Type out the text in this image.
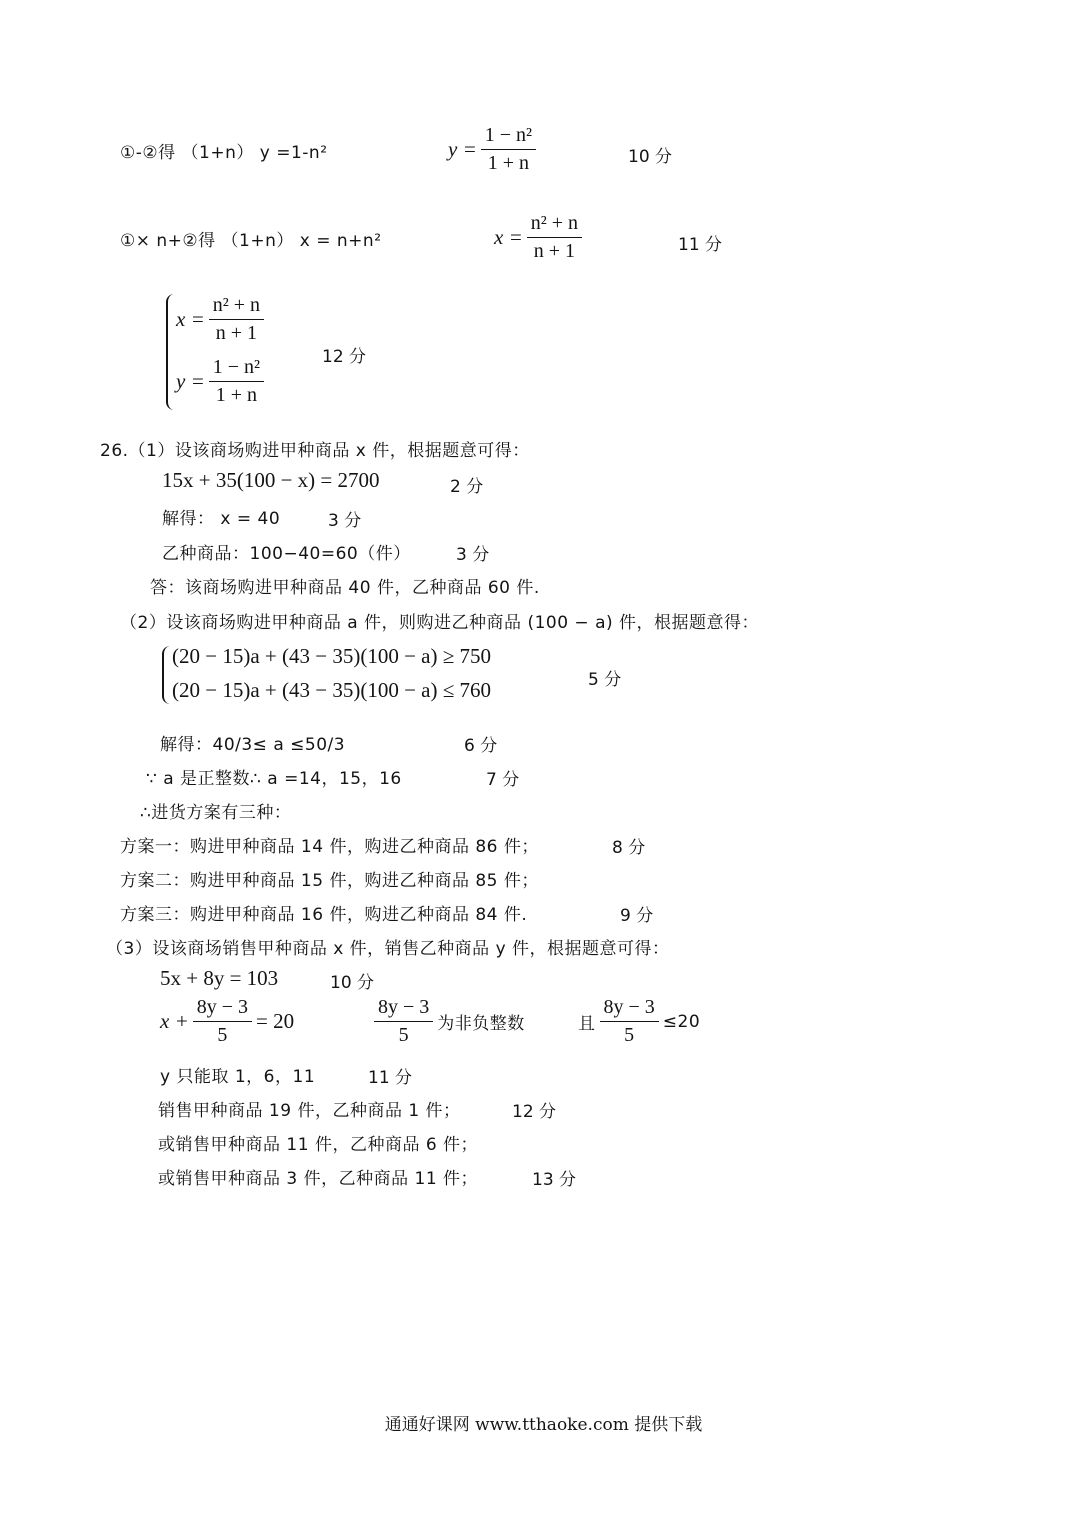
①-②得 （1+n） y =1-n²	$y = \frac{\text{1 − n²}}{1 + n}$	10 分
①× n+②得 （1+n） x = n+n²	$x = \frac{\text{n² + n}}{n + 1}$	11 分
$x = \frac{\text{n² + n}}{n + 1}$
$y = \frac{\text{1 − n²}}{1 + n}$	12 分
26.（1）设该商场购进甲种商品 x 件，根据题意可得：
15x + 35(100 − x) = 2700	2 分
解得： x = 40	3 分
乙种商品：100−40=60（件）	3 分
答：该商场购进甲种商品 40 件，乙种商品 60 件.
（2）设该商场购进甲种商品 a 件，则购进乙种商品 (100 − a) 件，根据题意得：
(20 − 15)a + (43 − 35)(100 − a) ≥ 750
(20 − 15)a + (43 − 35)(100 − a) ≤ 760	5 分
解得：40/3≤ a ≤50/3	6 分
∵ a 是正整数∴ a =14，15，16	7 分
∴进货方案有三种：
方案一：购进甲种商品 14 件，购进乙种商品 86 件；	8 分
方案二：购进甲种商品 15 件，购进乙种商品 85 件；
方案三：购进甲种商品 16 件，购进乙种商品 84 件.	9 分
（3）设该商场销售甲种商品 x 件，销售乙种商品 y 件，根据题意可得：
5x + 8y = 103	10 分
$x + \frac{8y - 3}{5} = 20$	$\frac{8y - 3}{5}$ 为非负整数	且 $\frac{8y - 3}{5} \le 20$
y 只能取 1，6，11	11 分
销售甲种商品 19 件，乙种商品 1 件；	12 分
或销售甲种商品 11 件，乙种商品 6 件；
或销售甲种商品 3 件，乙种商品 11 件；	13 分
通通好课网 www.tthaoke.com 提供下载
